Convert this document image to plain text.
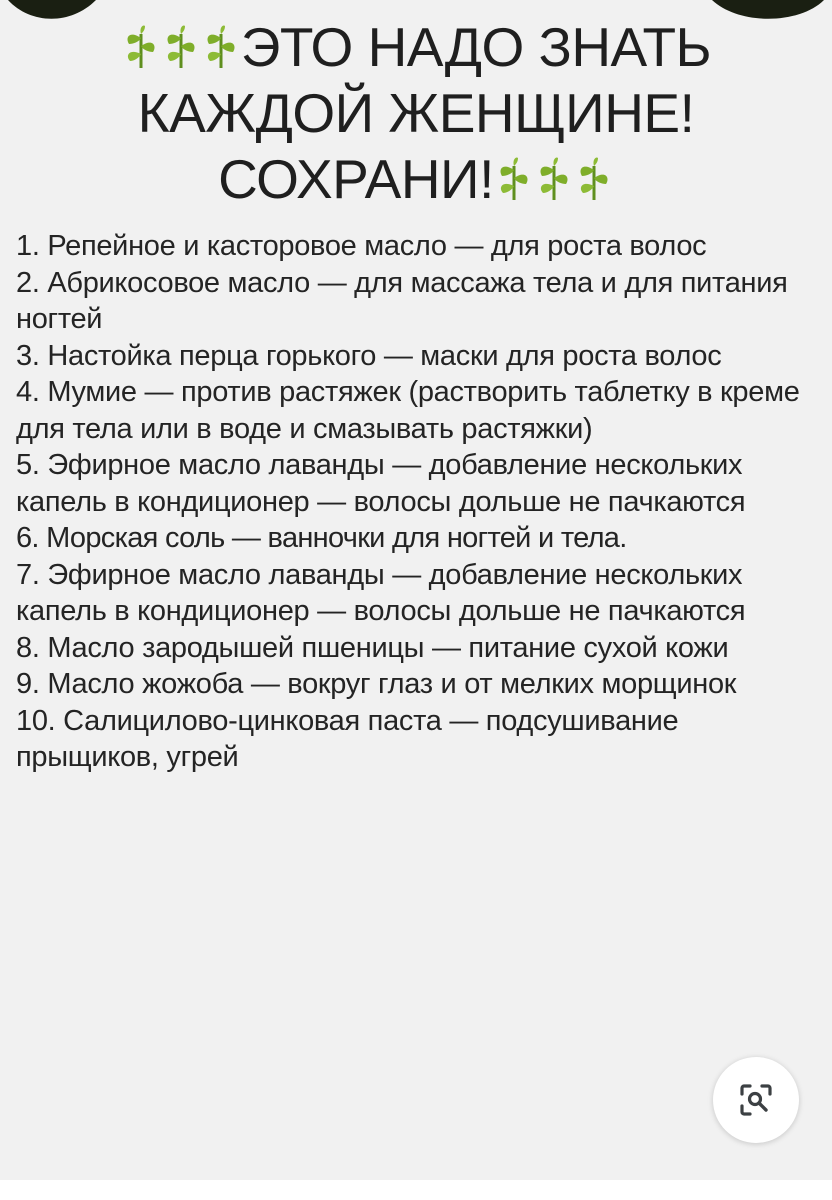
ЭТО НАДО ЗНАТЬ
КАЖДОЙ ЖЕНЩИНЕ!
СОХРАНИ!
1. Репейное и касторовое масло — для роста волос
2. Абрикосовое масло — для массажа тела и для питания ногтей
3. Настойка перца горького — маски для роста волос
4. Мумие — против растяжек (растворить таблетку в креме для тела или в воде и смазывать растяжки)
5. Эфирное масло лаванды — добавление нескольких капель в кондиционер — волосы дольше не пачкаются
6. Морская соль — ванночки для ногтей и тела.
7. Эфирное масло лаванды — добавление нескольких капель в кондиционер — волосы дольше не пачкаются
8. Масло зародышей пшеницы — питание сухой кожи
9. Масло жожоба — вокруг глаз и от мелких морщинок
10. Салицилово-цинковая паста — подсушивание прыщиков, угрей
